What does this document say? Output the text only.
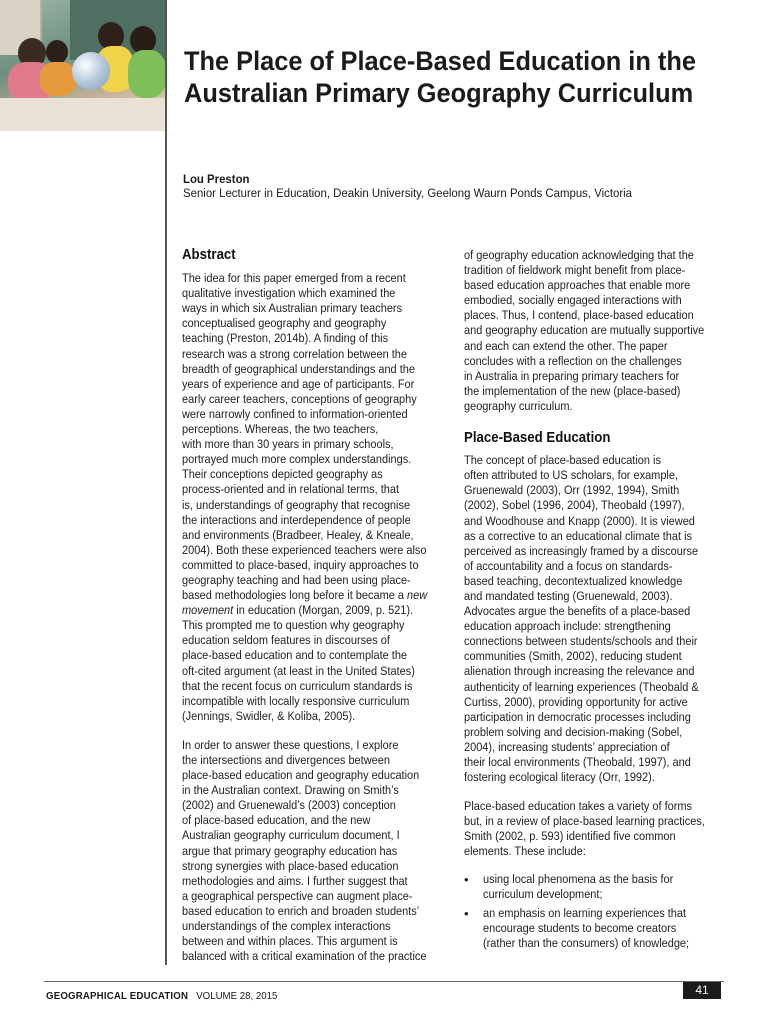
The Place of Place-Based Education in the
Australian Primary Geography Curriculum
Lou Preston
Senior Lecturer in Education, Deakin University, Geelong Waurn Ponds Campus, Victoria
Abstract

The idea for this paper emerged from a recent
qualitative investigation which examined the
ways in which six Australian primary teachers
conceptualised geography and geography
teaching (Preston, 2014b). A finding of this
research was a strong correlation between the
breadth of geographical understandings and the
years of experience and age of participants. For
early career teachers, conceptions of geography
were narrowly confined to information-oriented
perceptions. Whereas, the two teachers,
with more than 30 years in primary schools,
portrayed much more complex understandings.
Their conceptions depicted geography as
process-oriented and in relational terms, that
is, understandings of geography that recognise
the interactions and interdependence of people
and environments (Bradbeer, Healey, & Kneale,
2004). Both these experienced teachers were also
committed to place-based, inquiry approaches to
geography teaching and had been using place-
based methodologies long before it became a new
movement in education (Morgan, 2009, p. 521).
This prompted me to question why geography
education seldom features in discourses of
place-based education and to contemplate the
oft-cited argument (at least in the United States)
that the recent focus on curriculum standards is
incompatible with locally responsive curriculum
(Jennings, Swidler, & Koliba, 2005).

In order to answer these questions, I explore
the intersections and divergences between
place-based education and geography education
in the Australian context. Drawing on Smith’s
(2002) and Gruenewald’s (2003) conception
of place-based education, and the new
Australian geography curriculum document, I
argue that primary geography education has
strong synergies with place-based education
methodologies and aims. I further suggest that
a geographical perspective can augment place-
based education to enrich and broaden students’
understandings of the complex interactions
between and within places. This argument is
balanced with a critical examination of the practice

of geography education acknowledging that the
tradition of fieldwork might benefit from place-
based education approaches that enable more
embodied, socially engaged interactions with
places. Thus, I contend, place-based education
and geography education are mutually supportive
and each can extend the other. The paper
concludes with a reflection on the challenges
in Australia in preparing primary teachers for
the implementation of the new (place-based)
geography curriculum.

Place-Based Education

The concept of place-based education is
often attributed to US scholars, for example,
Gruenewald (2003), Orr (1992, 1994), Smith
(2002), Sobel (1996, 2004), Theobald (1997),
and Woodhouse and Knapp (2000). It is viewed
as a corrective to an educational climate that is
perceived as increasingly framed by a discourse
of accountability and a focus on standards-
based teaching, decontextualized knowledge
and mandated testing (Gruenewald, 2003).
Advocates argue the benefits of a place-based
education approach include: strengthening
connections between students/schools and their
communities (Smith, 2002), reducing student
alienation through increasing the relevance and
authenticity of learning experiences (Theobald &
Curtiss, 2000), providing opportunity for active
participation in democratic processes including
problem solving and decision-making (Sobel,
2004), increasing students’ appreciation of
their local environments (Theobald, 1997), and
fostering ecological literacy (Orr, 1992).

Place-based education takes a variety of forms
but, in a review of place-based learning practices,
Smith (2002, p. 593) identified five common
elements. These include:

• using local phenomena as the basis for
curriculum development;

• an emphasis on learning experiences that
encourage students to become creators
(rather than the consumers) of knowledge;

GEOGRAPHICAL EDUCATION VOLUME 28, 2015	41
